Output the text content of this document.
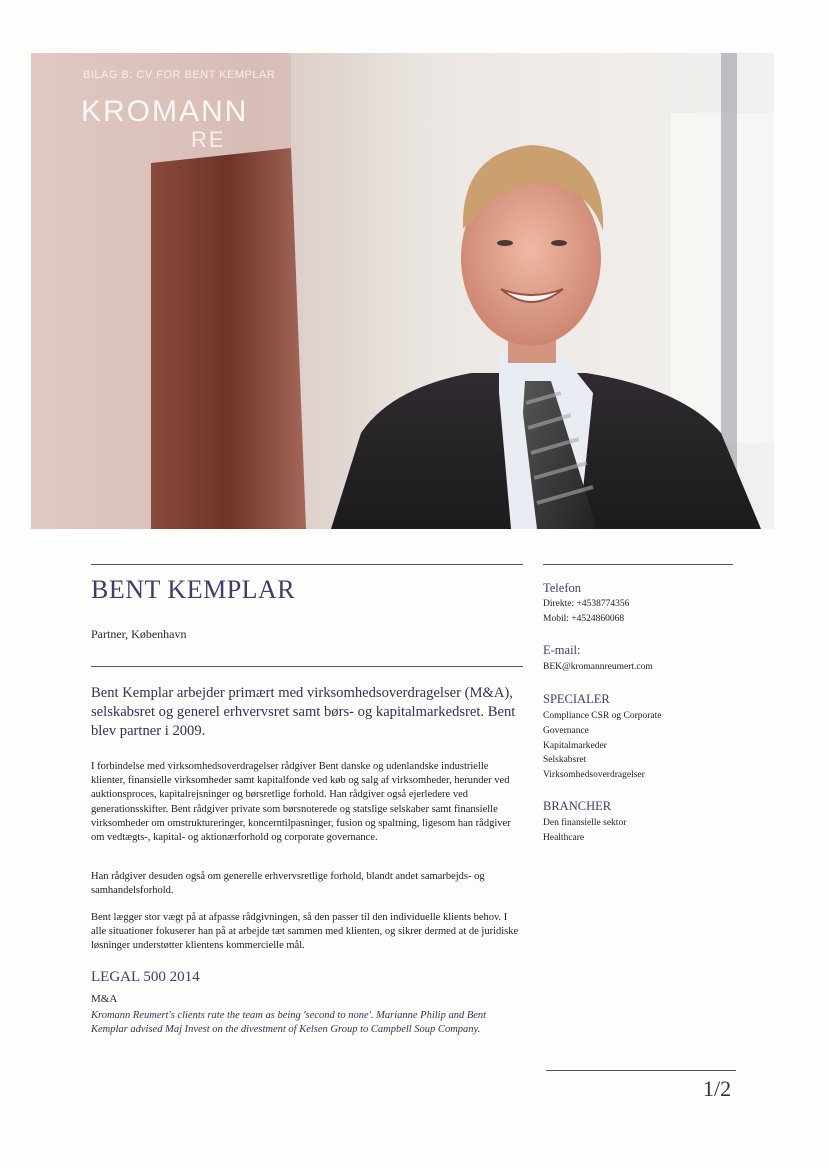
BILAG B: CV FOR BENT KEMPLAR
KROMANN
RE
BENT KEMPLAR
Partner, København
Bent Kemplar arbejder primært med virksomhedsoverdragelser (M&A), selskabsret og generel erhvervsret samt børs- og kapitalmarkedsret. Bent blev partner i 2009.
I forbindelse med virksomhedsoverdragelser rådgiver Bent danske og udenlandske industrielle klienter, finansielle virksomheder samt kapitalfonde ved køb og salg af virksomheder, herunder ved auktionsproces, kapitalrejsninger og børsretlige forhold. Han rådgiver også ejerledere ved generationsskifter. Bent rådgiver private som børsnoterede og statslige selskaber samt finansielle virksomheder om omstruktureringer, koncerntilpasninger, fusion og spaltning, ligesom han rådgiver om vedtægts-, kapital- og aktionærforhold og corporate governance.
Han rådgiver desuden også om generelle erhvervsretlige forhold, blandt andet samarbejds- og samhandelsforhold.
Bent lægger stor vægt på at afpasse rådgivningen, så den passer til den individuelle klients behov. I alle situationer fokuserer han på at arbejde tæt sammen med klienten, og sikrer dermed at de juridiske løsninger understøtter klientens kommercielle mål.
LEGAL 500 2014
M&A
Kromann Reumert's clients rate the team as being 'second to none'. Marianne Philip and Bent Kemplar advised Maj Invest on the divestment of Kelsen Group to Campbell Soup Company.
Telefon
Direkte: +4538774356
Mobil: +4524860068
E-mail:
BEK@kromannreumert.com
SPECIALER
Compliance CSR og Corporate
Governance
Kapitalmarkeder
Selskabsret
Virksomhedsoverdragelser
BRANCHER
Den finansielle sektor
Healthcare
1/2
